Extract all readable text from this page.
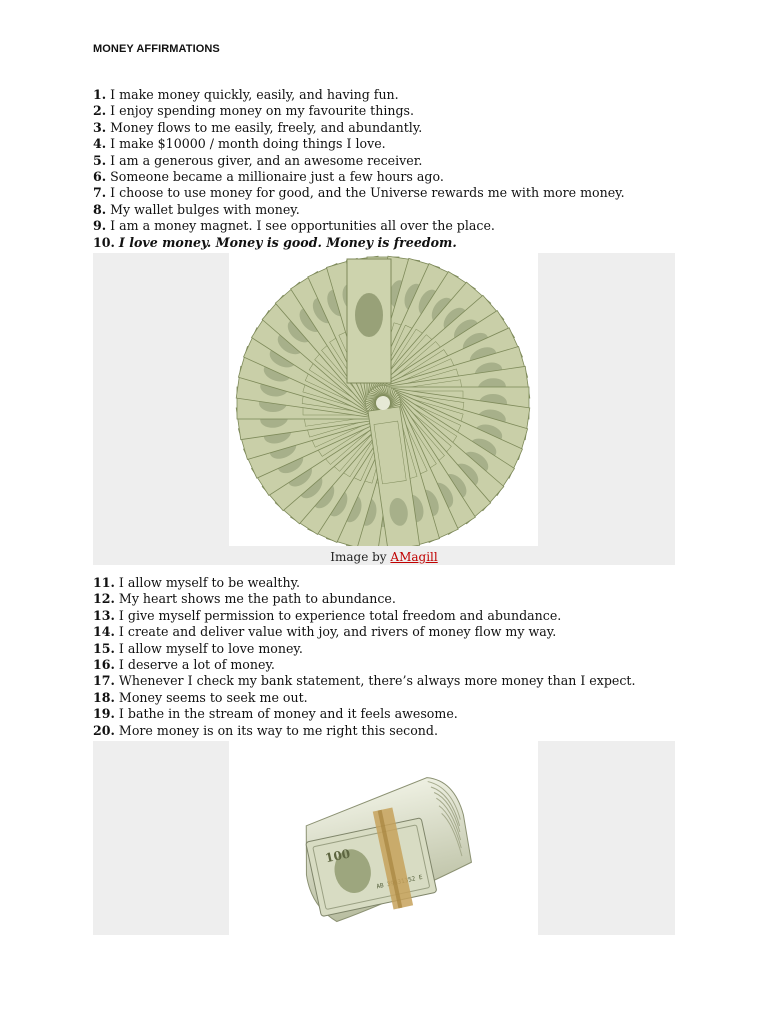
MONEY AFFIRMATIONS
1. I make money quickly, easily, and having fun.
2. I enjoy spending money on my favourite things.
3. Money flows to me easily, freely, and abundantly.
4. I make $10000 / month doing things I love.
5. I am a generous giver, and an awesome receiver.
6. Someone became a millionaire just a few hours ago.
7. I choose to use money for good, and the Universe rewards me with more money.
8. My wallet bulges with money.
9. I am a money magnet. I see opportunities all over the place.
10. I love money. Money is good. Money is freedom.
Image by AMagill
11. I allow myself to be wealthy.
12. My heart shows me the path to abundance.
13. I give myself permission to experience total freedom and abundance.
14. I create and deliver value with joy, and rivers of money flow my way.
15. I allow myself to love money.
16. I deserve a lot of money.
17. Whenever I check my bank statement, there’s always more money than I expect.
18. Money seems to seek me out.
19. I bathe in the stream of money and it feels awesome.
20. More money is on its way to me right this second.
100
AB E
